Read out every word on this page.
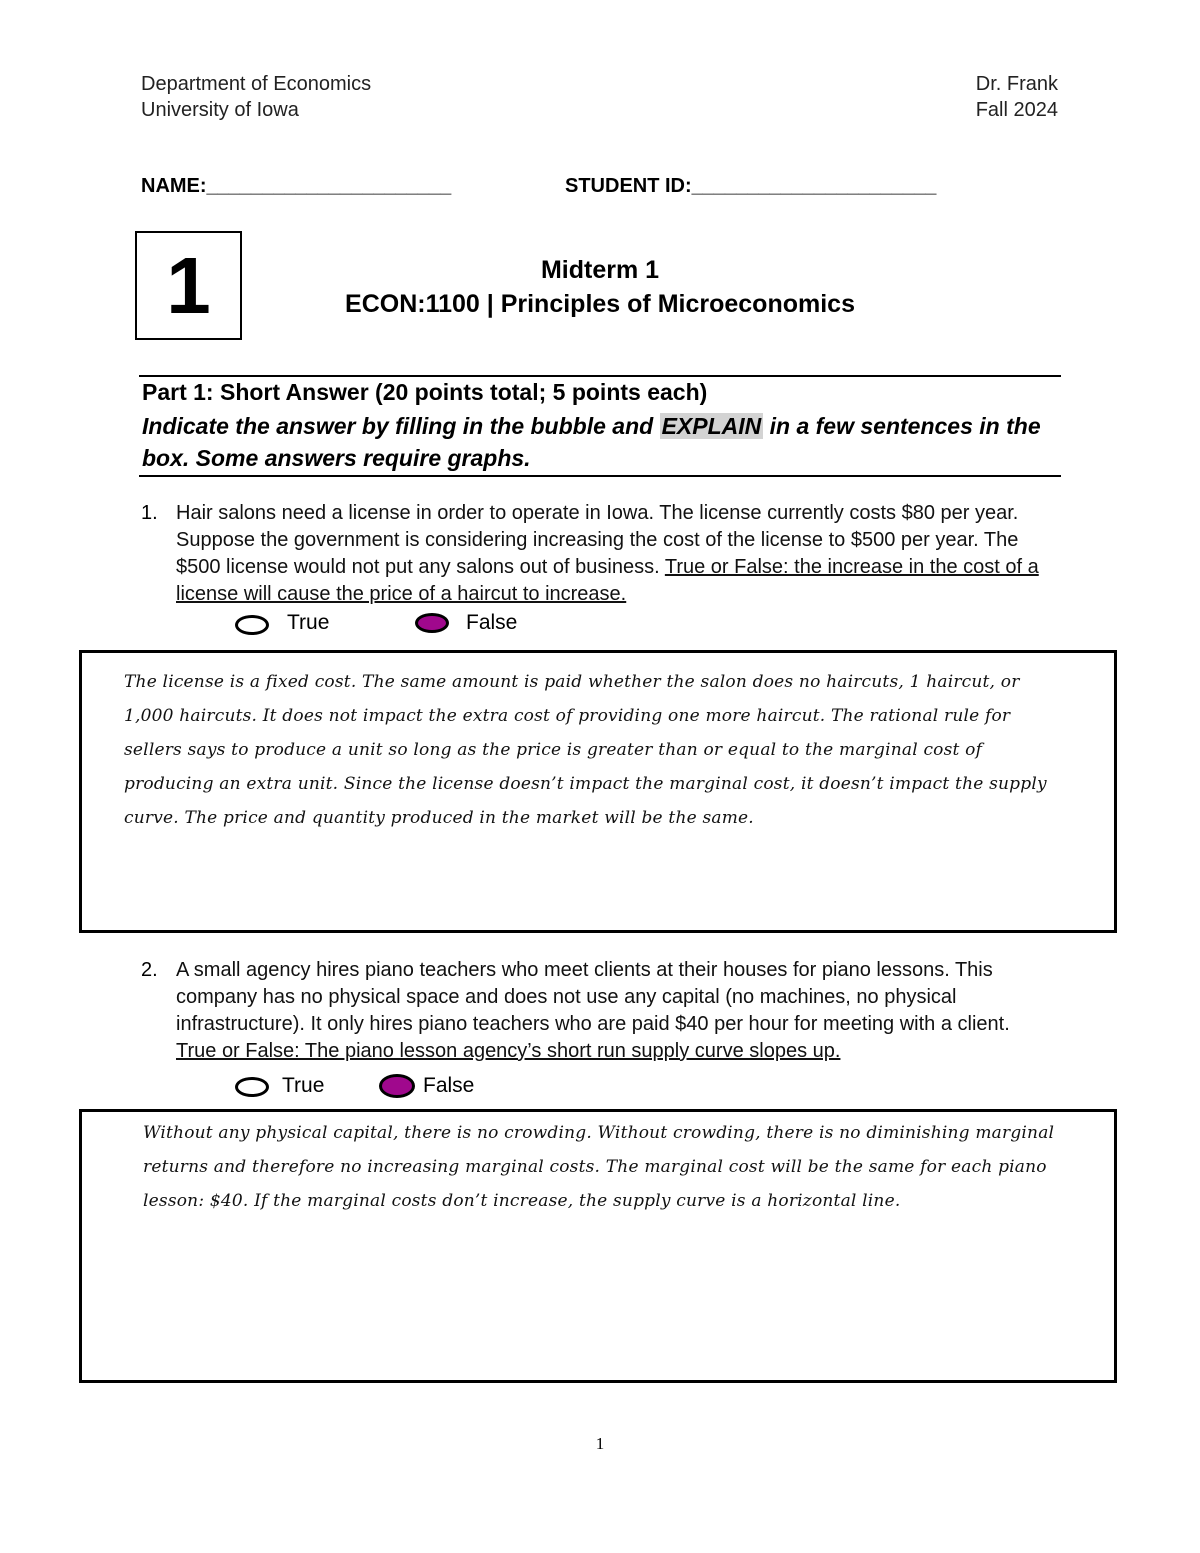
Department of Economics
University of Iowa
Dr. Frank
Fall 2024
NAME:______________________	STUDENT ID:______________________
1	Midterm 1
ECON:1100 | Principles of Microeconomics
Part 1: Short Answer (20 points total; 5 points each)
Indicate the answer by filling in the bubble and EXPLAIN in a few sentences in the box. Some answers require graphs.
1. Hair salons need a license in order to operate in Iowa. The license currently costs $80 per year. Suppose the government is considering increasing the cost of the license to $500 per year. The $500 license would not put any salons out of business. True or False: the increase in the cost of a license will cause the price of a haircut to increase.
True	False
The license is a fixed cost. The same amount is paid whether the salon does no haircuts, 1 haircut, or 1,000 haircuts. It does not impact the extra cost of providing one more haircut. The rational rule for sellers says to produce a unit so long as the price is greater than or equal to the marginal cost of producing an extra unit. Since the license doesn’t impact the marginal cost, it doesn’t impact the supply curve. The price and quantity produced in the market will be the same.
2. A small agency hires piano teachers who meet clients at their houses for piano lessons. This company has no physical space and does not use any capital (no machines, no physical infrastructure). It only hires piano teachers who are paid $40 per hour for meeting with a client. True or False: The piano lesson agency’s short run supply curve slopes up.
True	False
Without any physical capital, there is no crowding. Without crowding, there is no diminishing marginal returns and therefore no increasing marginal costs. The marginal cost will be the same for each piano lesson: $40. If the marginal costs don’t increase, the supply curve is a horizontal line.
1
